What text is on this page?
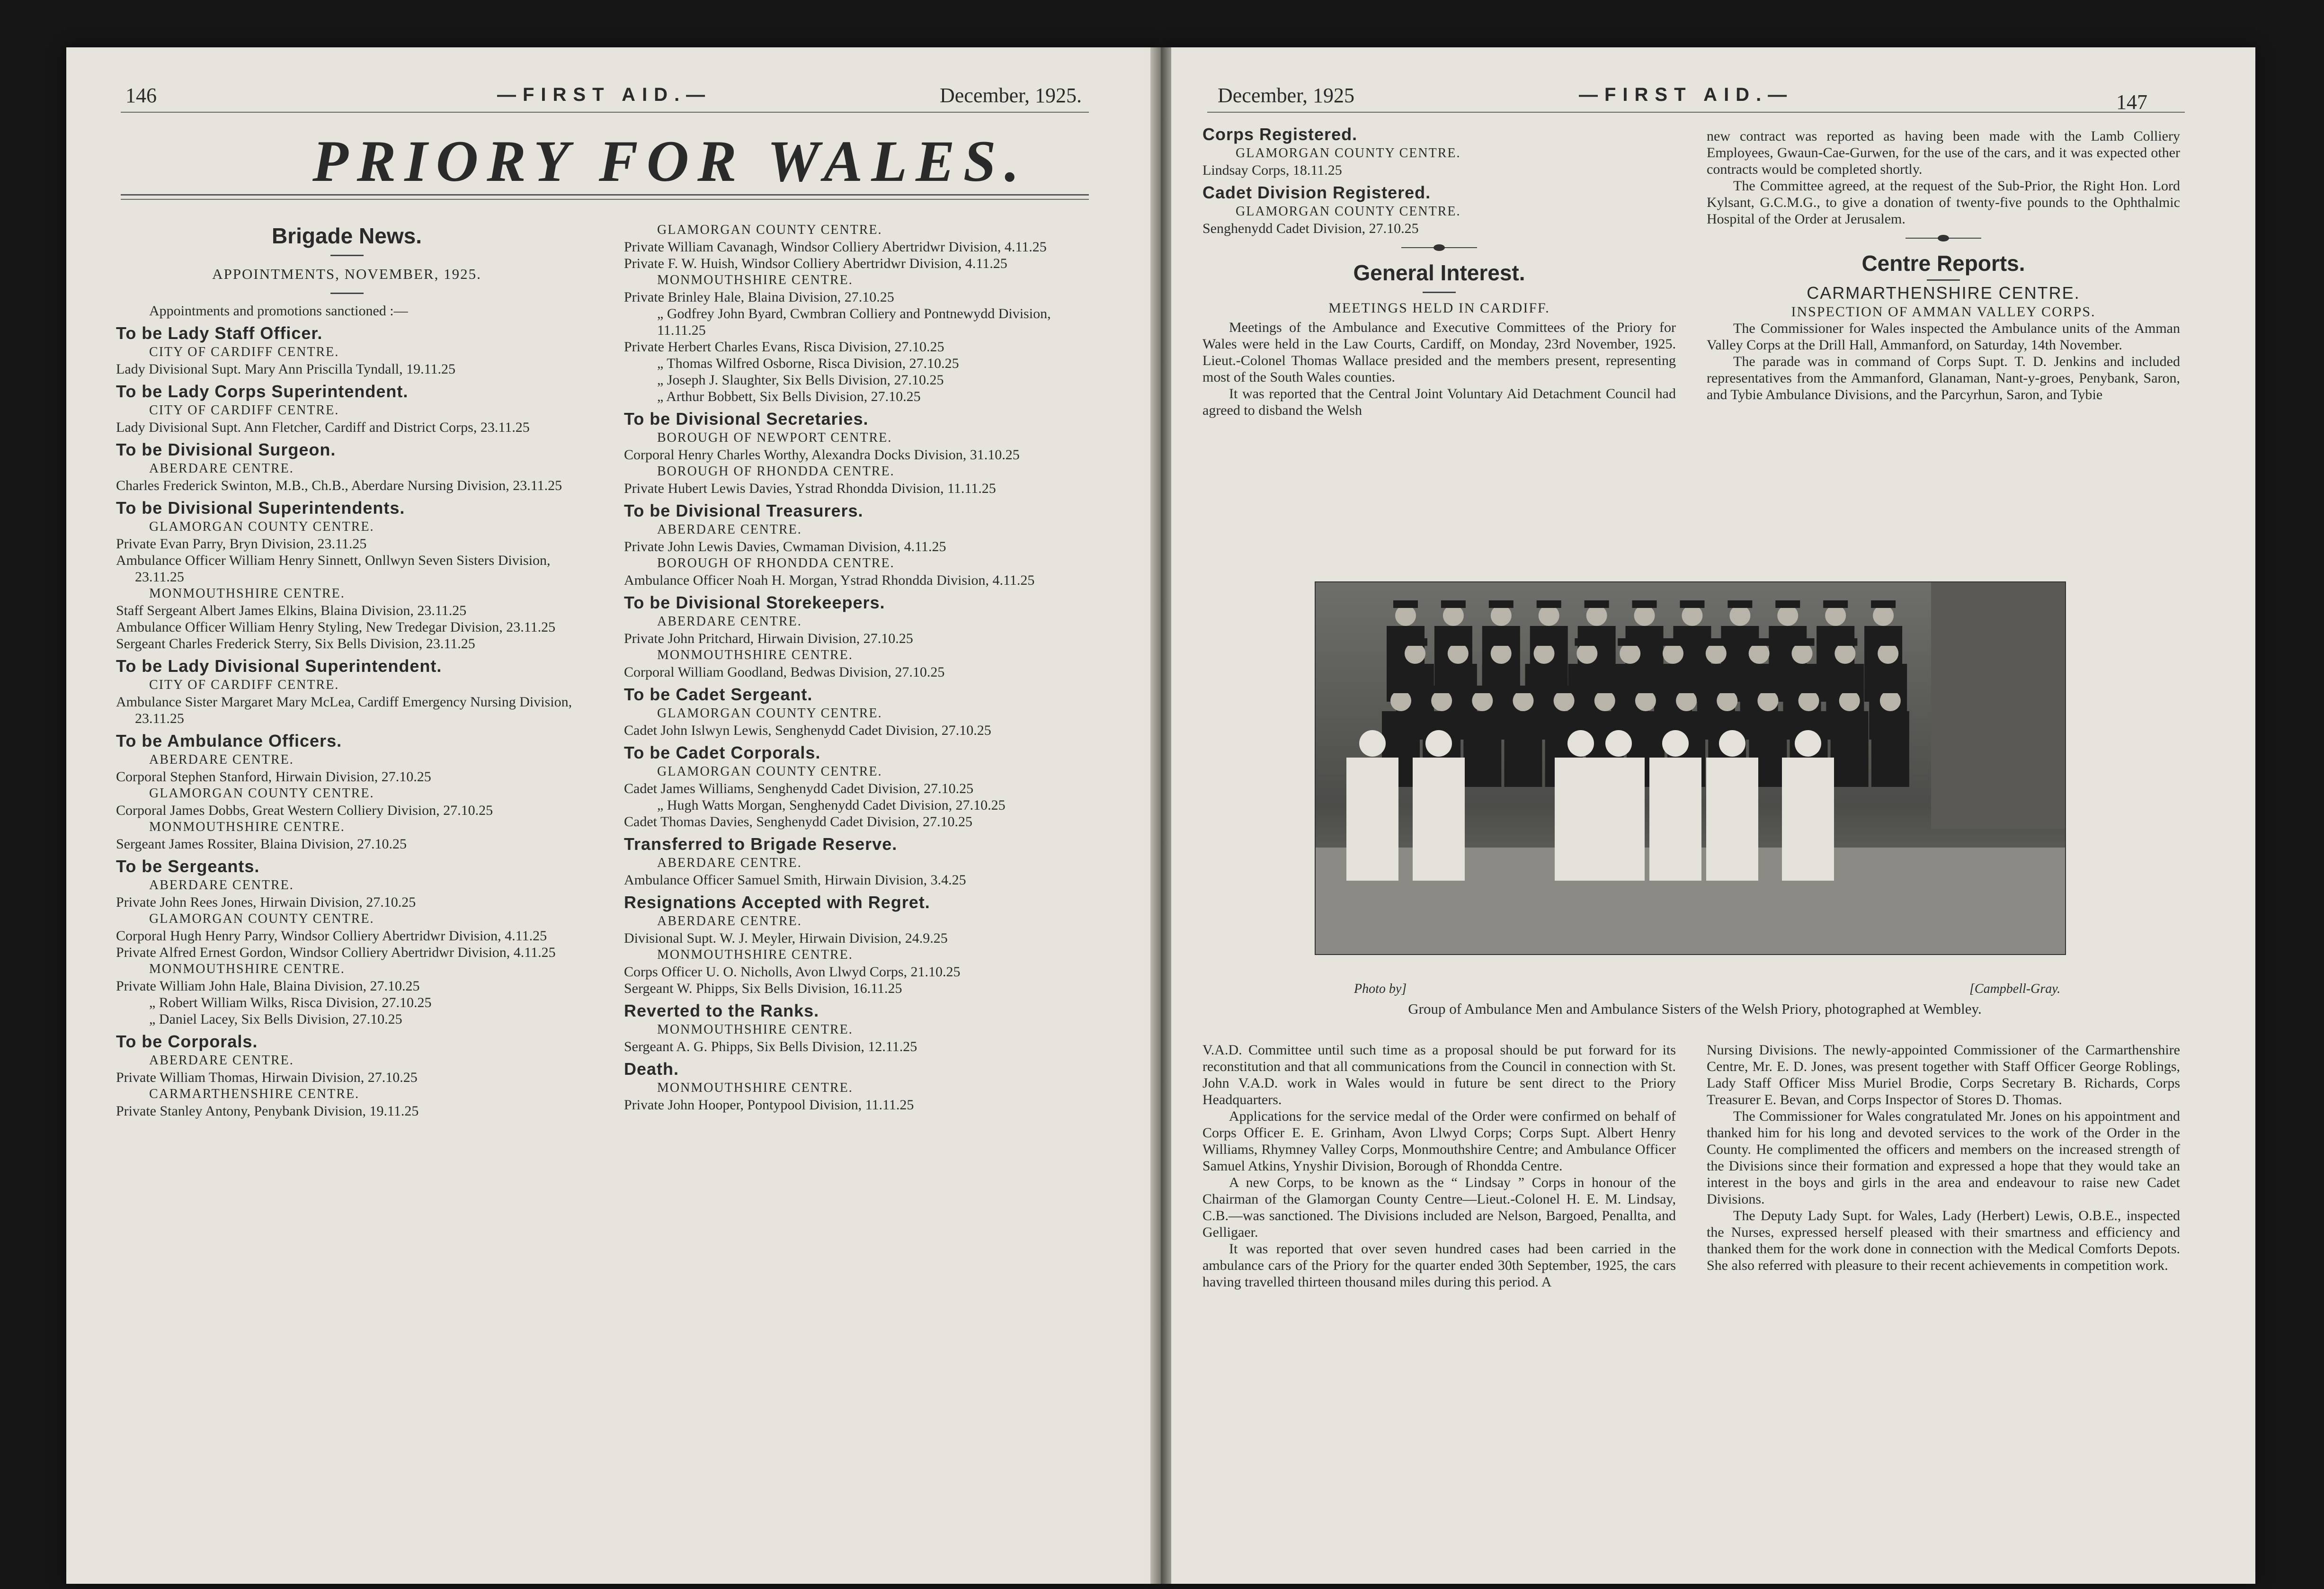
146	—FIRST AID.—	December, 1925.
PRIORY FOR WALES.
Brigade News.
APPOINTMENTS, NOVEMBER, 1925.

Appointments and promotions sanctioned :—

To be Lady Staff Officer.
CITY OF CARDIFF CENTRE.

Lady Divisional Supt. Mary Ann Priscilla Tyndall, 19.11.25

To be Lady Corps Superintendent.
CITY OF CARDIFF CENTRE.

Lady Divisional Supt. Ann Fletcher, Cardiff and District Corps, 23.11.25

To be Divisional Surgeon.
ABERDARE CENTRE.

Charles Frederick Swinton, M.B., Ch.B., Aberdare Nursing Division, 23.11.25

To be Divisional Superintendents.
GLAMORGAN COUNTY CENTRE.

Private Evan Parry, Bryn Division, 23.11.25

Ambulance Officer William Henry Sinnett, Onllwyn Seven Sisters Division, 23.11.25

MONMOUTHSHIRE CENTRE.

Staff Sergeant Albert James Elkins, Blaina Division, 23.11.25

Ambulance Officer William Henry Styling, New Tredegar Division, 23.11.25

Sergeant Charles Frederick Sterry, Six Bells Division, 23.11.25

To be Lady Divisional Superintendent.
CITY OF CARDIFF CENTRE.

Ambulance Sister Margaret Mary McLea, Cardiff Emergency Nursing Division, 23.11.25

To be Ambulance Officers.
ABERDARE CENTRE.

Corporal Stephen Stanford, Hirwain Division, 27.10.25

GLAMORGAN COUNTY CENTRE.

Corporal James Dobbs, Great Western Colliery Division, 27.10.25

MONMOUTHSHIRE CENTRE.

Sergeant James Rossiter, Blaina Division, 27.10.25

To be Sergeants.
ABERDARE CENTRE.

Private John Rees Jones, Hirwain Division, 27.10.25

GLAMORGAN COUNTY CENTRE.

Corporal Hugh Henry Parry, Windsor Colliery Abertridwr Division, 4.11.25

Private Alfred Ernest Gordon, Windsor Colliery Abertridwr Division, 4.11.25

MONMOUTHSHIRE CENTRE.

Private William John Hale, Blaina Division, 27.10.25

„ Robert William Wilks, Risca Division, 27.10.25

„ Daniel Lacey, Six Bells Division, 27.10.25

To be Corporals.
ABERDARE CENTRE.

Private William Thomas, Hirwain Division, 27.10.25

CARMARTHENSHIRE CENTRE.

Private Stanley Antony, Penybank Division, 19.11.25

GLAMORGAN COUNTY CENTRE.

Private William Cavanagh, Windsor Colliery Abertridwr Division, 4.11.25

Private F. W. Huish, Windsor Colliery Abertridwr Division, 4.11.25

MONMOUTHSHIRE CENTRE.

Private Brinley Hale, Blaina Division, 27.10.25

„ Godfrey John Byard, Cwmbran Colliery and Pontnewydd Division, 11.11.25

Private Herbert Charles Evans, Risca Division, 27.10.25

„ Thomas Wilfred Osborne, Risca Division, 27.10.25

„ Joseph J. Slaughter, Six Bells Division, 27.10.25

„ Arthur Bobbett, Six Bells Division, 27.10.25

To be Divisional Secretaries.
BOROUGH OF NEWPORT CENTRE.

Corporal Henry Charles Worthy, Alexandra Docks Division, 31.10.25

BOROUGH OF RHONDDA CENTRE.

Private Hubert Lewis Davies, Ystrad Rhondda Division, 11.11.25

To be Divisional Treasurers.
ABERDARE CENTRE.

Private John Lewis Davies, Cwmaman Division, 4.11.25

BOROUGH OF RHONDDA CENTRE.

Ambulance Officer Noah H. Morgan, Ystrad Rhondda Division, 4.11.25

To be Divisional Storekeepers.
ABERDARE CENTRE.

Private John Pritchard, Hirwain Division, 27.10.25

MONMOUTHSHIRE CENTRE.

Corporal William Goodland, Bedwas Division, 27.10.25

To be Cadet Sergeant.
GLAMORGAN COUNTY CENTRE.

Cadet John Islwyn Lewis, Senghenydd Cadet Division, 27.10.25

To be Cadet Corporals.
GLAMORGAN COUNTY CENTRE.

Cadet James Williams, Senghenydd Cadet Division, 27.10.25

„ Hugh Watts Morgan, Senghenydd Cadet Division, 27.10.25

Cadet Thomas Davies, Senghenydd Cadet Division, 27.10.25

Transferred to Brigade Reserve.
ABERDARE CENTRE.

Ambulance Officer Samuel Smith, Hirwain Division, 3.4.25

Resignations Accepted with Regret.
ABERDARE CENTRE.

Divisional Supt. W. J. Meyler, Hirwain Division, 24.9.25

MONMOUTHSHIRE CENTRE.

Corps Officer U. O. Nicholls, Avon Llwyd Corps, 21.10.25

Sergeant W. Phipps, Six Bells Division, 16.11.25

Reverted to the Ranks.
MONMOUTHSHIRE CENTRE.

Sergeant A. G. Phipps, Six Bells Division, 12.11.25

Death.
MONMOUTHSHIRE CENTRE.

Private John Hooper, Pontypool Division, 11.11.25

December, 1925	—FIRST AID.—	147
Corps Registered.
GLAMORGAN COUNTY CENTRE.

Lindsay Corps, 18.11.25

Cadet Division Registered.
GLAMORGAN COUNTY CENTRE.

Senghenydd Cadet Division, 27.10.25

General Interest.
MEETINGS HELD IN CARDIFF.

Meetings of the Ambulance and Executive Committees of the Priory for Wales were held in the Law Courts, Cardiff, on Monday, 23rd November, 1925. Lieut.-Colonel Thomas Wallace presided and the members present, representing most of the South Wales counties.

It was reported that the Central Joint Voluntary Aid Detachment Council had agreed to disband the Welsh

new contract was reported as having been made with the Lamb Colliery Employees, Gwaun-Cae-Gurwen, for the use of the cars, and it was expected other contracts would be completed shortly.

The Committee agreed, at the request of the Sub-Prior, the Right Hon. Lord Kylsant, G.C.M.G., to give a donation of twenty-five pounds to the Ophthalmic Hospital of the Order at Jerusalem.

Centre Reports.
CARMARTHENSHIRE CENTRE.
INSPECTION OF AMMAN VALLEY CORPS.

The Commissioner for Wales inspected the Ambulance units of the Amman Valley Corps at the Drill Hall, Ammanford, on Saturday, 14th November.

The parade was in command of Corps Supt. T. D. Jenkins and included representatives from the Ammanford, Glanaman, Nant-y-groes, Penybank, Saron, and Tybie Ambulance Divisions, and the Parcyrhun, Saron, and Tybie

Photo by]	[Campbell-Gray.
Group of Ambulance Men and Ambulance Sisters of the Welsh Priory, photographed at Wembley.

V.A.D. Committee until such time as a proposal should be put forward for its reconstitution and that all communications from the Council in connection with St. John V.A.D. work in Wales would in future be sent direct to the Priory Headquarters.

Applications for the service medal of the Order were confirmed on behalf of Corps Officer E. E. Grinham, Avon Llwyd Corps; Corps Supt. Albert Henry Williams, Rhymney Valley Corps, Monmouthshire Centre; and Ambulance Officer Samuel Atkins, Ynyshir Division, Borough of Rhondda Centre.

A new Corps, to be known as the “ Lindsay ” Corps in honour of the Chairman of the Glamorgan County Centre—Lieut.-Colonel H. E. M. Lindsay, C.B.—was sanctioned. The Divisions included are Nelson, Bargoed, Penallta, and Gelligaer.

It was reported that over seven hundred cases had been carried in the ambulance cars of the Priory for the quarter ended 30th September, 1925, the cars having travelled thirteen thousand miles during this period. A

Nursing Divisions. The newly-appointed Commissioner of the Carmarthenshire Centre, Mr. E. D. Jones, was present together with Staff Officer George Roblings, Lady Staff Officer Miss Muriel Brodie, Corps Secretary B. Richards, Corps Treasurer E. Bevan, and Corps Inspector of Stores D. Thomas.

The Commissioner for Wales congratulated Mr. Jones on his appointment and thanked him for his long and devoted services to the work of the Order in the County. He complimented the officers and members on the increased strength of the Divisions since their formation and expressed a hope that they would take an interest in the boys and girls in the area and endeavour to raise new Cadet Divisions.

The Deputy Lady Supt. for Wales, Lady (Herbert) Lewis, O.B.E., inspected the Nurses, expressed herself pleased with their smartness and efficiency and thanked them for the work done in connection with the Medical Comforts Depots. She also referred with pleasure to their recent achievements in competition work.
